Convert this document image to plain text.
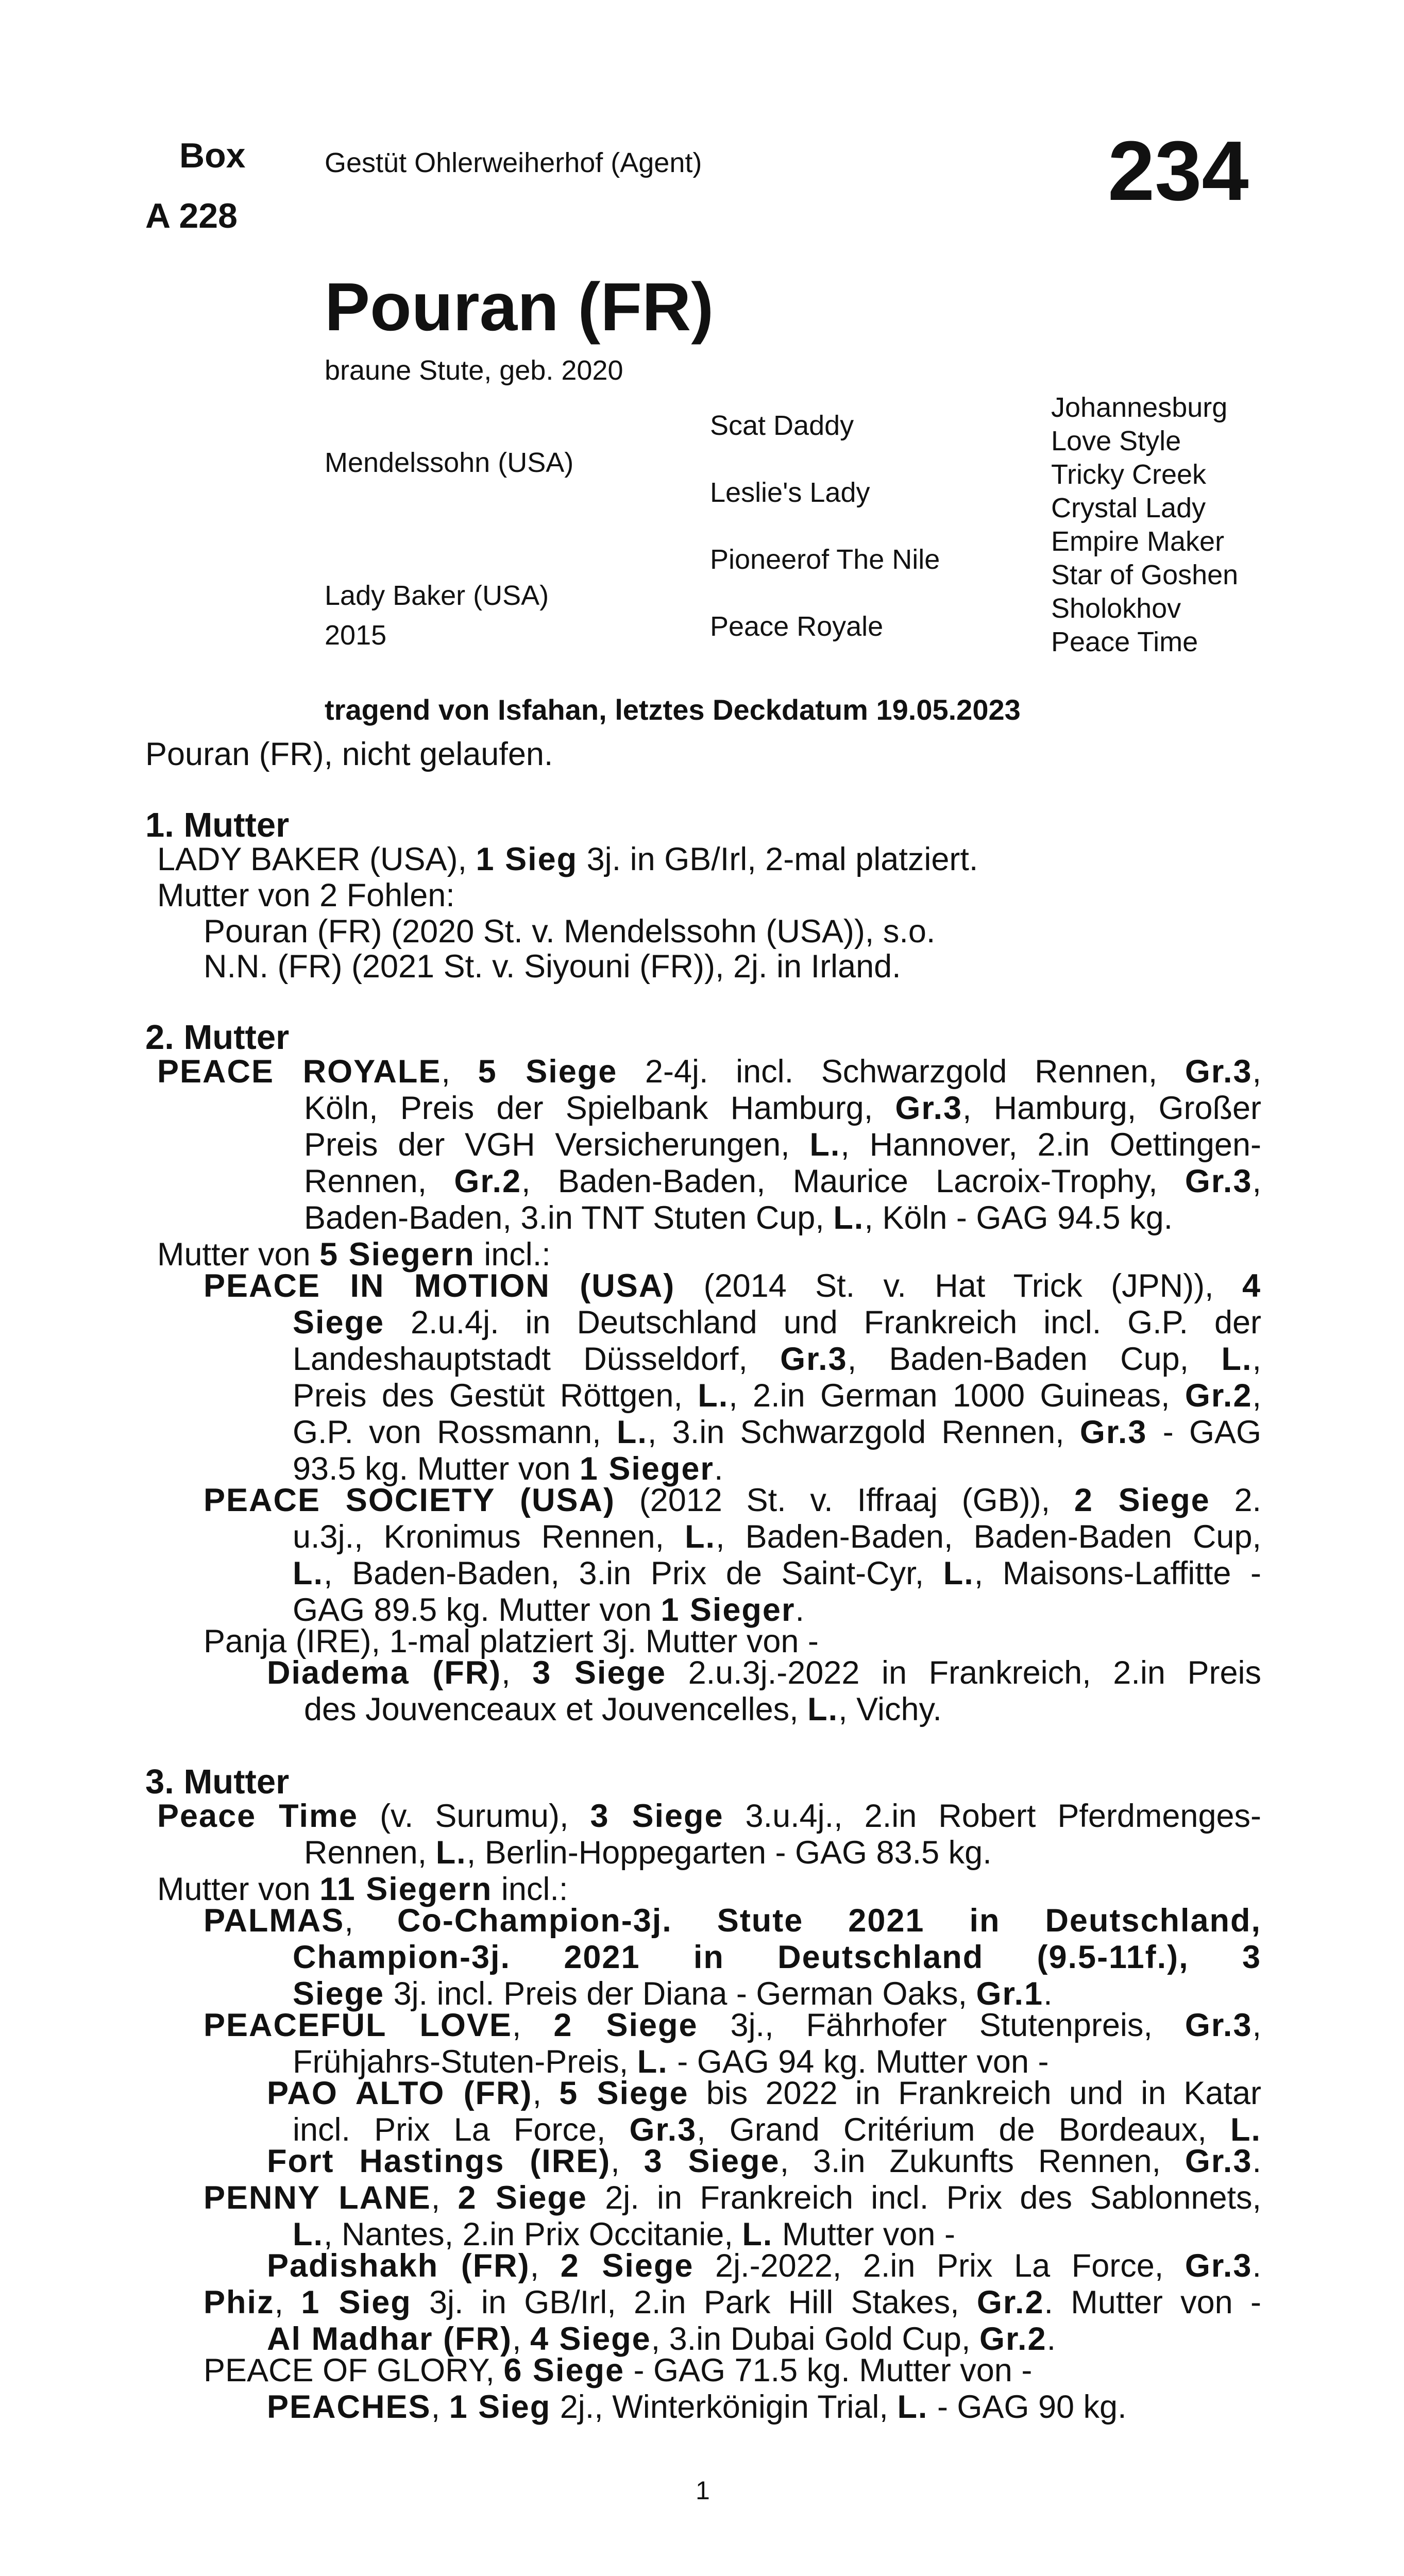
Box
A 228
Gestüt Ohlerweiherhof (Agent)	234
Pouran (FR)
braune Stute, geb. 2020
Mendelssohn (USA)
Lady Baker (USA)
2015
Scat Daddy
Leslie's Lady
Pioneerof The Nile
Peace Royale
Johannesburg
Love Style
Tricky Creek
Crystal Lady
Empire Maker
Star of Goshen
Sholokhov
Peace Time
tragend von Isfahan, letztes Deckdatum 19.05.2023
Pouran (FR), nicht gelaufen.
1. Mutter
LADY BAKER (USA), 1 Sieg 3j. in GB/Irl, 2-mal platziert.
Mutter von 2 Fohlen:
Pouran (FR) (2020 St. v. Mendelssohn (USA)), s.o.
N.N. (FR) (2021 St. v. Siyouni (FR)), 2j. in Irland.
2. Mutter
PEACE ROYALE, 5 Siege 2-4j. incl. Schwarzgold Rennen, Gr.3,
Köln, Preis der Spielbank Hamburg, Gr.3, Hamburg, Großer
Preis der VGH Versicherungen, L., Hannover, 2.in Oettingen-
Rennen, Gr.2, Baden-Baden, Maurice Lacroix-Trophy, Gr.3,
Baden-Baden, 3.in TNT Stuten Cup, L., Köln - GAG 94.5 kg.
Mutter von 5 Siegern incl.:
PEACE IN MOTION (USA) (2014 St. v. Hat Trick (JPN)), 4
Siege 2.u.4j. in Deutschland und Frankreich incl. G.P. der
Landeshauptstadt Düsseldorf, Gr.3, Baden-Baden Cup, L.,
Preis des Gestüt Röttgen, L., 2.in German 1000 Guineas, Gr.2,
G.P. von Rossmann, L., 3.in Schwarzgold Rennen, Gr.3 - GAG
93.5 kg. Mutter von 1 Sieger.
PEACE SOCIETY (USA) (2012 St. v. Iffraaj (GB)), 2 Siege 2.
u.3j., Kronimus Rennen, L., Baden-Baden, Baden-Baden Cup,
L., Baden-Baden, 3.in Prix de Saint-Cyr, L., Maisons-Laffitte -
GAG 89.5 kg. Mutter von 1 Sieger.
Panja (IRE), 1-mal platziert 3j. Mutter von -
Diadema (FR), 3 Siege 2.u.3j.-2022 in Frankreich, 2.in Preis
des Jouvenceaux et Jouvencelles, L., Vichy.
3. Mutter
Peace Time (v. Surumu), 3 Siege 3.u.4j., 2.in Robert Pferdmenges-
Rennen, L., Berlin-Hoppegarten - GAG 83.5 kg.
Mutter von 11 Siegern incl.:
PALMAS, Co-Champion-3j. Stute 2021 in Deutschland,
Champion-3j. 2021 in Deutschland (9.5-11f.), 3
Siege 3j. incl. Preis der Diana - German Oaks, Gr.1.
PEACEFUL LOVE, 2 Siege 3j., Fährhofer Stutenpreis, Gr.3,
Frühjahrs-Stuten-Preis, L. - GAG 94 kg. Mutter von -
PAO ALTO (FR), 5 Siege bis 2022 in Frankreich und in Katar
incl. Prix La Force, Gr.3, Grand Critérium de Bordeaux, L.
Fort Hastings (IRE), 3 Siege, 3.in Zukunfts Rennen, Gr.3.
PENNY LANE, 2 Siege 2j. in Frankreich incl. Prix des Sablonnets,
L., Nantes, 2.in Prix Occitanie, L. Mutter von -
Padishakh (FR), 2 Siege 2j.-2022, 2.in Prix La Force, Gr.3.
Phiz, 1 Sieg 3j. in GB/Irl, 2.in Park Hill Stakes, Gr.2. Mutter von -
Al Madhar (FR), 4 Siege, 3.in Dubai Gold Cup, Gr.2.
PEACE OF GLORY, 6 Siege - GAG 71.5 kg. Mutter von -
PEACHES, 1 Sieg 2j., Winterkönigin Trial, L. - GAG 90 kg.
1
